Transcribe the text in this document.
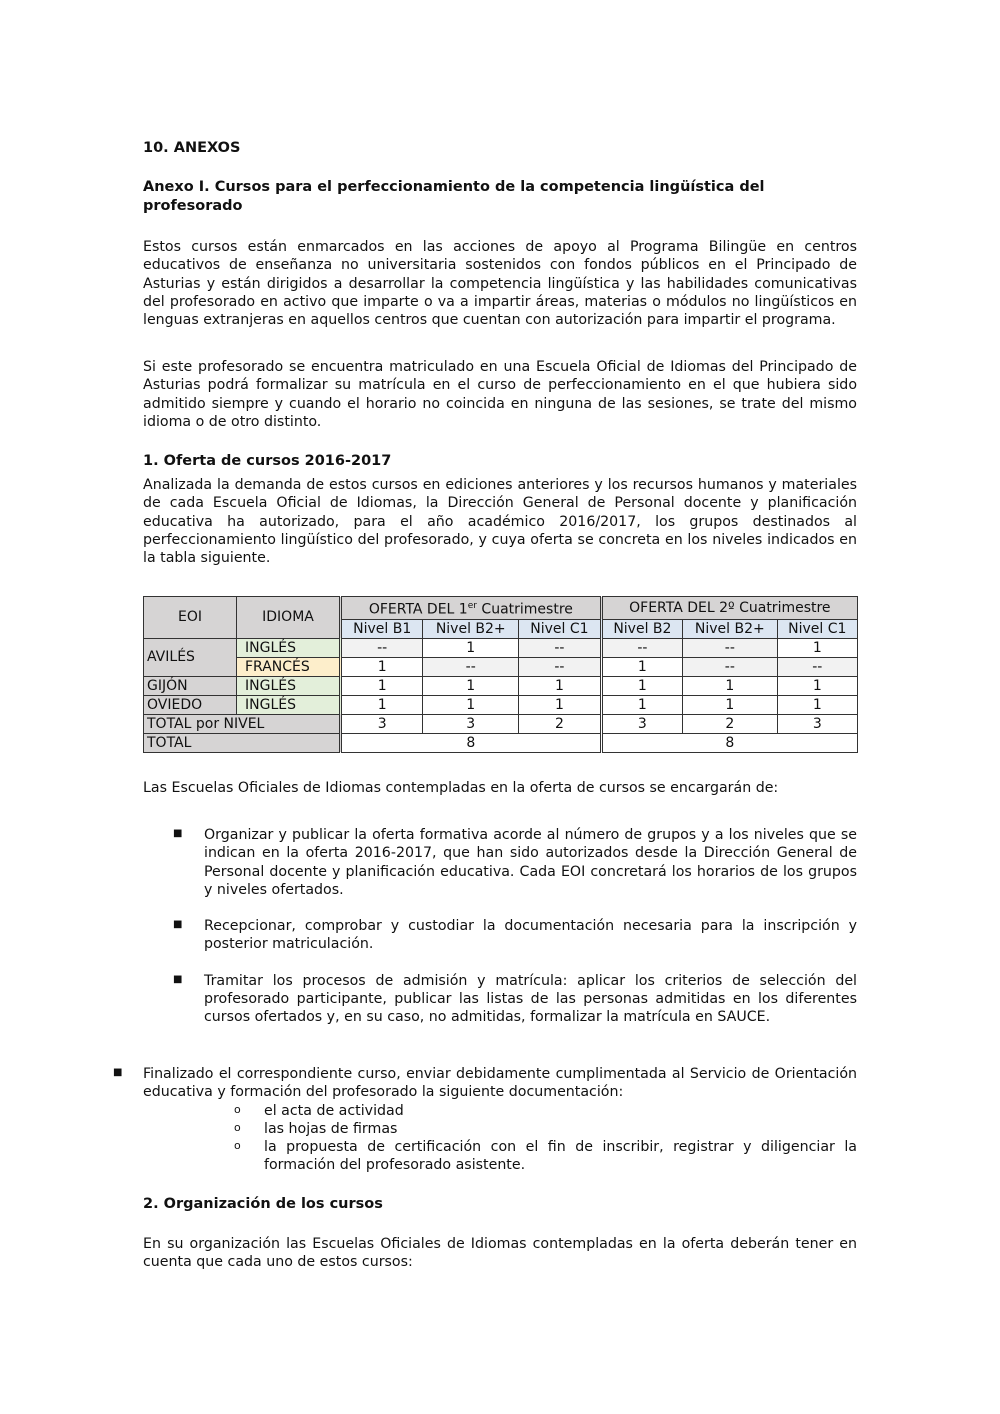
10. ANEXOS
Anexo I. Cursos para el perfeccionamiento de la competencia lingüística del
profesorado

Estos cursos están enmarcados en las acciones de apoyo al Programa Bilingüe en centros educativos de enseñanza no universitaria sostenidos con fondos públicos en el Principado de Asturias y están dirigidos a desarrollar la competencia lingüística y las habilidades comunicativas del profesorado en activo que imparte o va a impartir áreas, materias o módulos no lingüísticos en lenguas extranjeras en aquellos centros que cuentan con autorización para impartir el programa.

Si este profesorado se encuentra matriculado en una Escuela Oficial de Idiomas del Principado de Asturias podrá formalizar su matrícula en el curso de perfeccionamiento en el que hubiera sido admitido siempre y cuando el horario no coincida en ninguna de las sesiones, se trate del mismo idioma o de otro distinto.

1. Oferta de cursos 2016-2017

Analizada la demanda de estos cursos en ediciones anteriores y los recursos humanos y materiales de cada Escuela Oficial de Idiomas, la Dirección General de Personal docente y planificación educativa ha autorizado, para el año académico 2016/2017, los grupos destinados al perfeccionamiento lingüístico del profesorado, y cuya oferta se concreta en los niveles indicados en la tabla siguiente.

EOI	IDIOMA	OFERTA DEL 1er Cuatrimestre			OFERTA DEL 2º Cuatrimestre		
		Nivel B1	Nivel B2+	Nivel C1	Nivel B2	Nivel B2+	Nivel C1
AVILÉS	INGLÉS	--	1	--	--	--	1
	FRANCÉS	1	--	--	1	--	--
GIJÓN	INGLÉS	1	1	1	1	1	1
OVIEDO	INGLÉS	1	1	1	1	1	1
TOTAL por NIVEL		3	3	2	3	2	3
TOTAL		8			8		

Las Escuelas Oficiales de Idiomas contempladas en la oferta de cursos se encargarán de:

■ Organizar y publicar la oferta formativa acorde al número de grupos y a los niveles que se indican en la oferta 2016-2017, que han sido autorizados desde la Dirección General de Personal docente y planificación educativa. Cada EOI concretará los horarios de los grupos y niveles ofertados.

■ Recepcionar, comprobar y custodiar la documentación necesaria para la inscripción y posterior matriculación.

■ Tramitar los procesos de admisión y matrícula: aplicar los criterios de selección del profesorado participante, publicar las listas de las personas admitidas en los diferentes cursos ofertados y, en su caso, no admitidas, formalizar la matrícula en SAUCE.

■ Finalizado el correspondiente curso, enviar debidamente cumplimentada al Servicio de Orientación educativa y formación del profesorado la siguiente documentación:

o el acta de actividad

o las hojas de firmas

o la propuesta de certificación con el fin de inscribir, registrar y diligenciar la formación del profesorado asistente.

2. Organización de los cursos

En su organización las Escuelas Oficiales de Idiomas contempladas en la oferta deberán tener en cuenta que cada uno de estos cursos:
